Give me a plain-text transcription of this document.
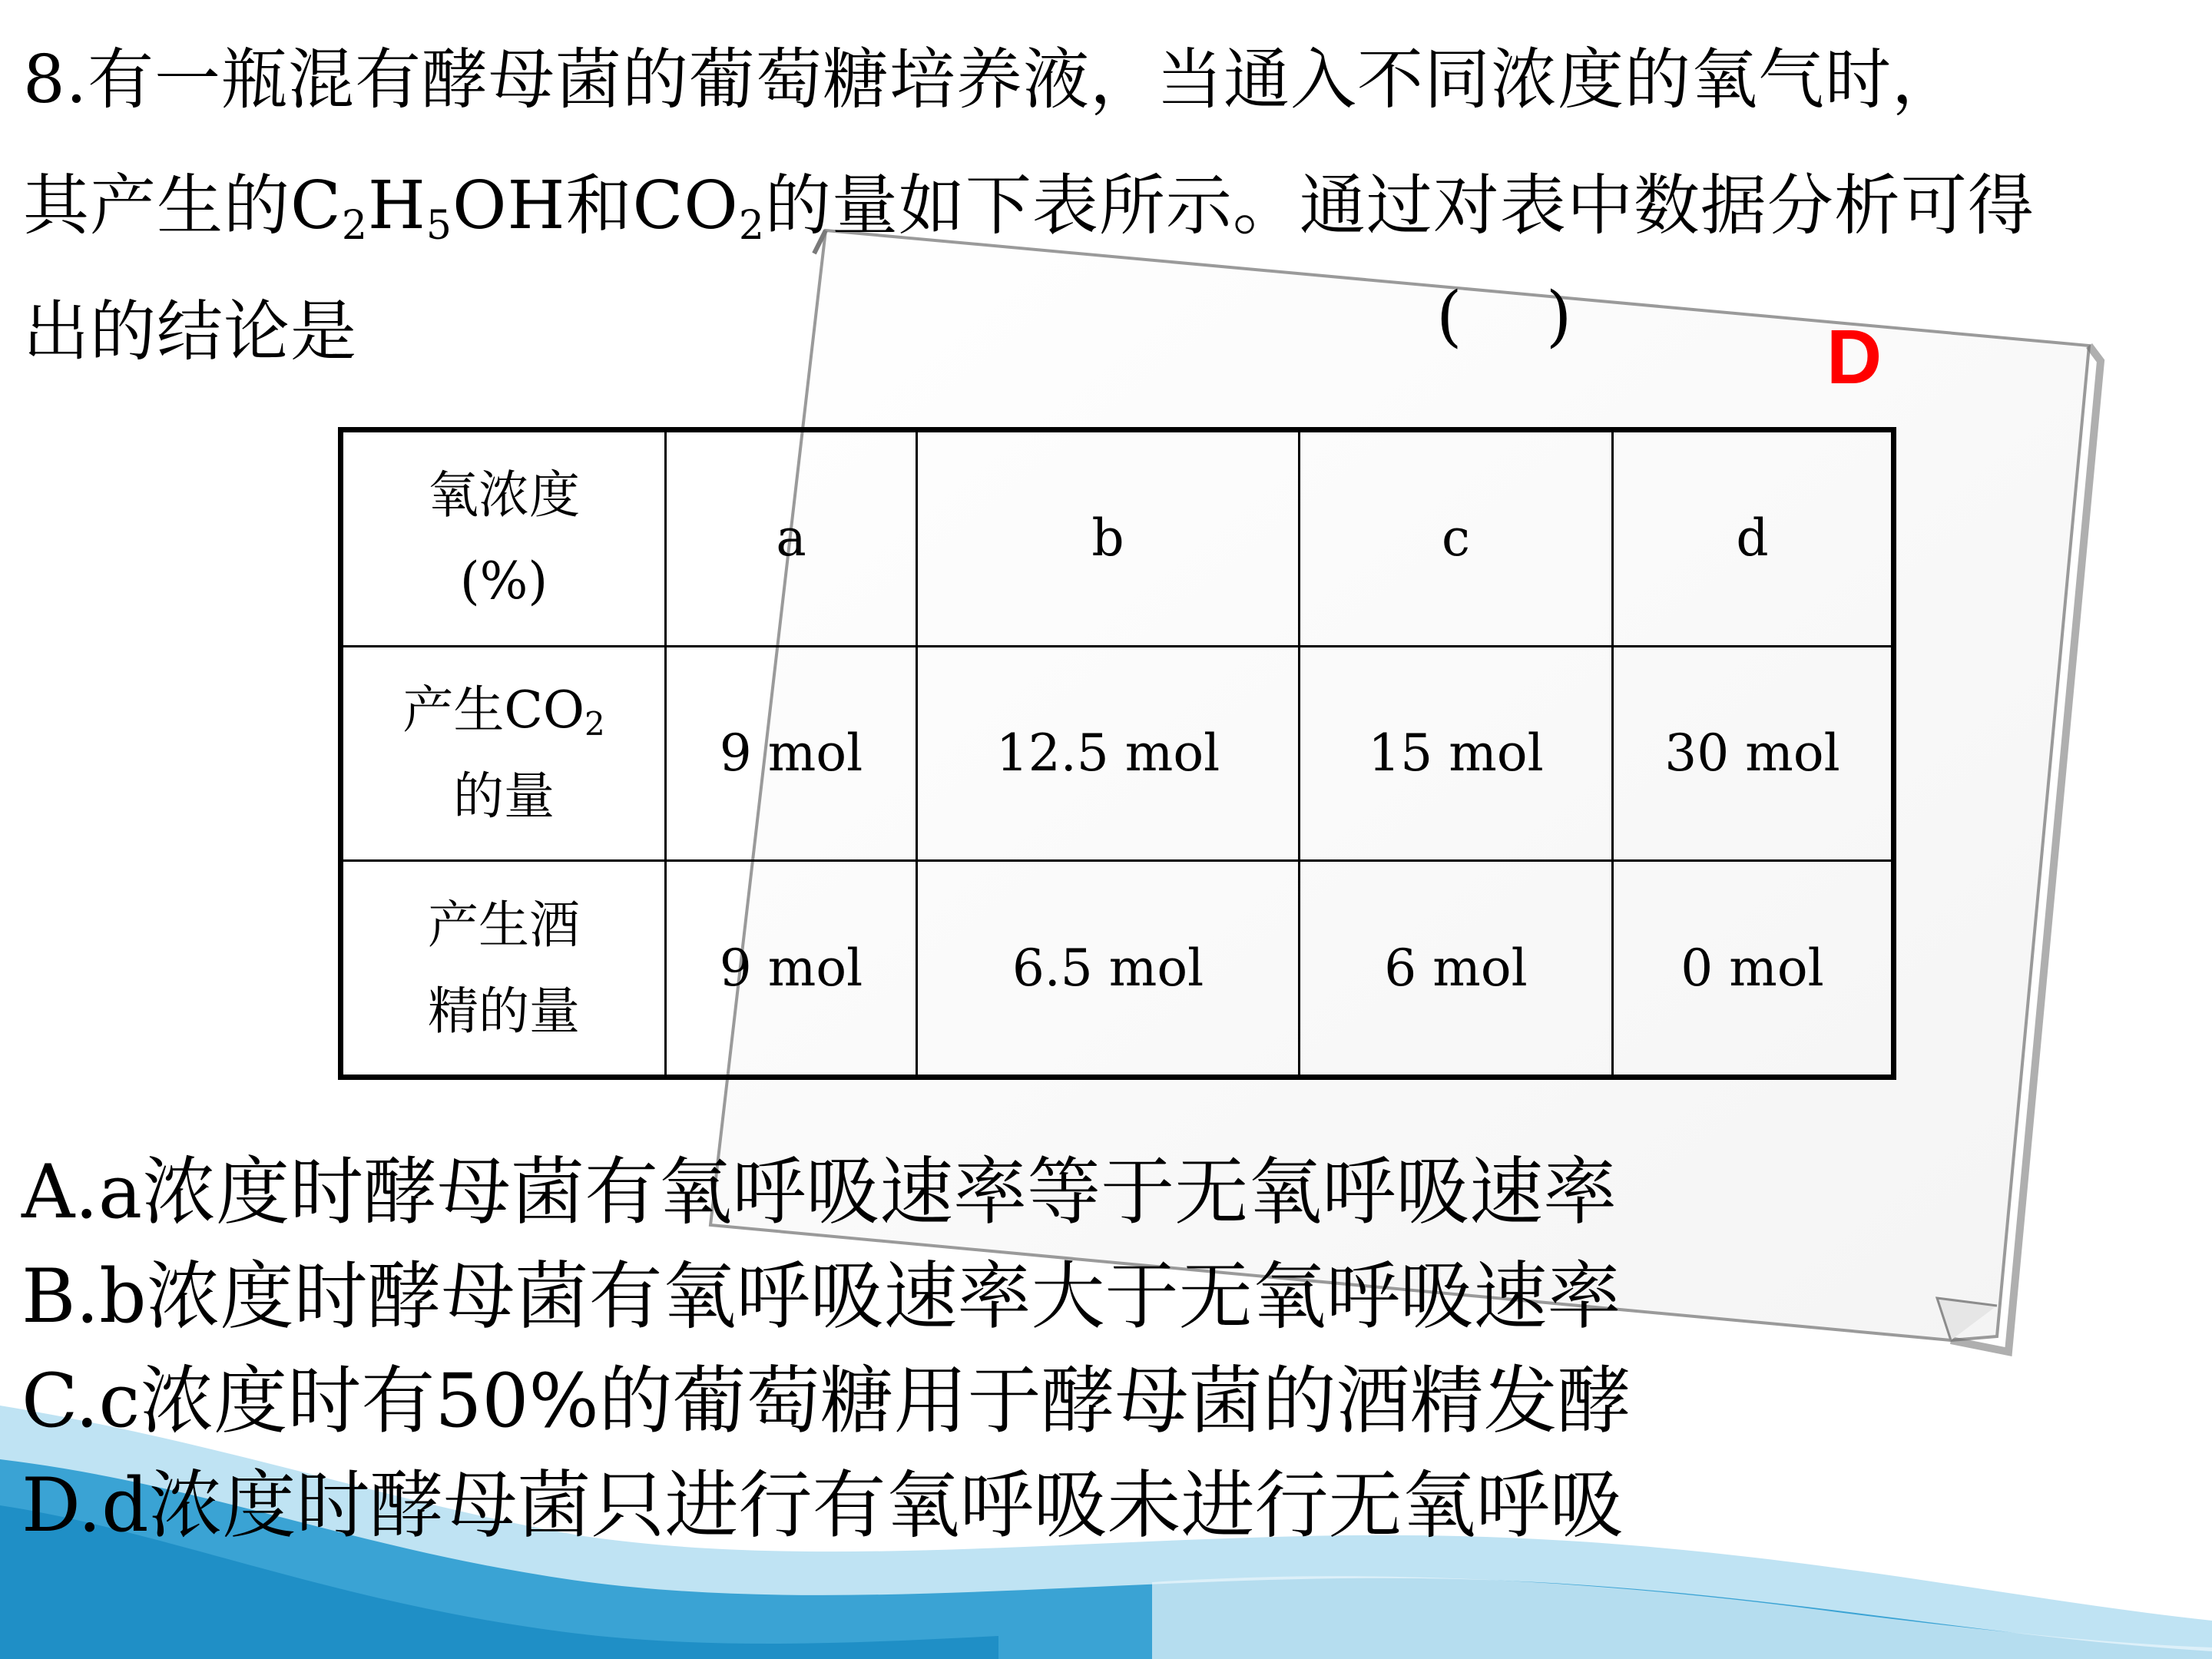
8.有一瓶混有酵母菌的葡萄糖培养液，当通入不同浓度的氧气时，
其产生的$C_2H_5OH$和$CO_2$的量如下表所示。通过对表中数据分析可得
出的结论是	(    )	D
氧浓度
(%)	a	b	c	d

产生$CO_2$
的量	9 mol	12.5 mol	15 mol	30 mol

产生酒
精的量	9 mol	6.5 mol	6 mol	0 mol
A.a浓度时酵母菌有氧呼吸速率等于无氧呼吸速率
B.b浓度时酵母菌有氧呼吸速率大于无氧呼吸速率
C.c浓度时有50%的葡萄糖用于酵母菌的酒精发酵
D.d浓度时酵母菌只进行有氧呼吸未进行无氧呼吸
